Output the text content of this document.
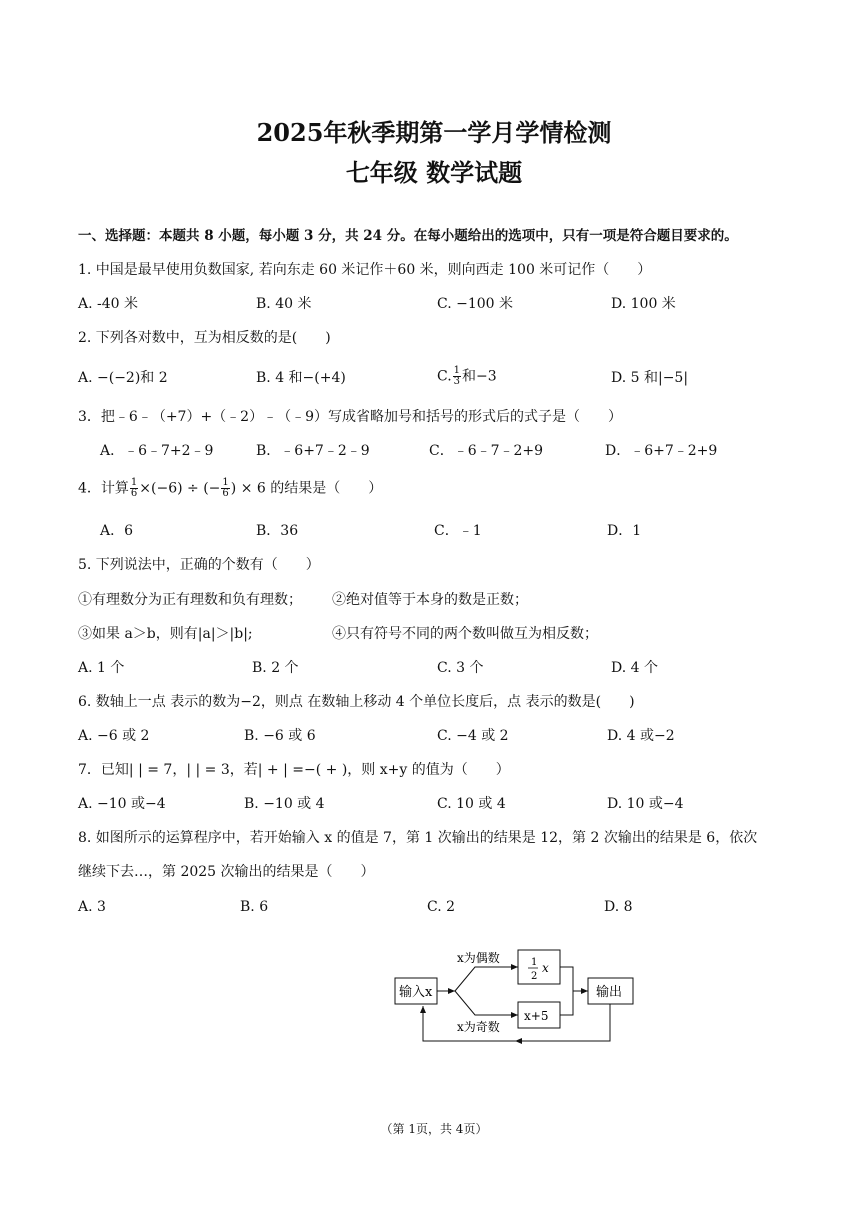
2025年秋季期第一学月学情检测
七年级 数学试题
一、选择题：本题共 8 小题，每小题 3 分，共 24 分。在每小题给出的选项中，只有一项是符合题目要求的。
1. 中国是最早使用负数国家, 若向东走 60 米记作＋60 米，则向西走 100 米可记作（　　）
A. -40 米	B. 40 米	C. −100 米	D. 100 米
2. 下列各对数中，互为相反数的是(　　)
A. −(−2)和 2	B. 4 和−(+4)	C. $\frac{1}{3}$ 和−3	D. 5 和|−5|
3．把﹣6﹣（+7）+（﹣2）﹣（﹣9）写成省略加号和括号的形式后的式子是（　　）
A．﹣6﹣7+2﹣9	B．﹣6+7﹣2﹣9	C．﹣6﹣7﹣2+9	D．﹣6+7﹣2+9
4．计算 $\frac{1}{6} \times(-6)$ ÷ (− $\frac{1}{6}$ ) × 6 的结果是（　　）
A．6	B．36	C．﹣1	D．1
5. 下列说法中，正确的个数有（　　）
①有理数分为正有理数和负有理数； ②绝对值等于本身的数是正数；
③如果 a＞b，则有|a|＞|b|;	④只有符号不同的两个数叫做互为相反数；
A. 1 个	B. 2 个	C. 3 个	D. 4 个
6. 数轴上一点 表示的数为−2，则点 在数轴上移动 4 个单位长度后，点 表示的数是(　　)
A. −6 或 2	B. −6 或 6	C. −4 或 2	D. 4 或−2
7．已知| | = 7，| | = 3，若| + | =−( + )，则 x+y 的值为（　　）
A. −10 或−4	B. −10 或 4	C. 10 或 4	D. 10 或−4
8. 如图所示的运算程序中，若开始输入 x 的值是 7，第 1 次输出的结果是 12，第 2 次输出的结果是 6，依次
继续下去…，第 2025 次输出的结果是（　　）
A. 3	B. 6	C. 2	D. 8
输入x
x为偶数
x为奇数
1
2
x
x+5
输出
（第 1页，共 4页）
